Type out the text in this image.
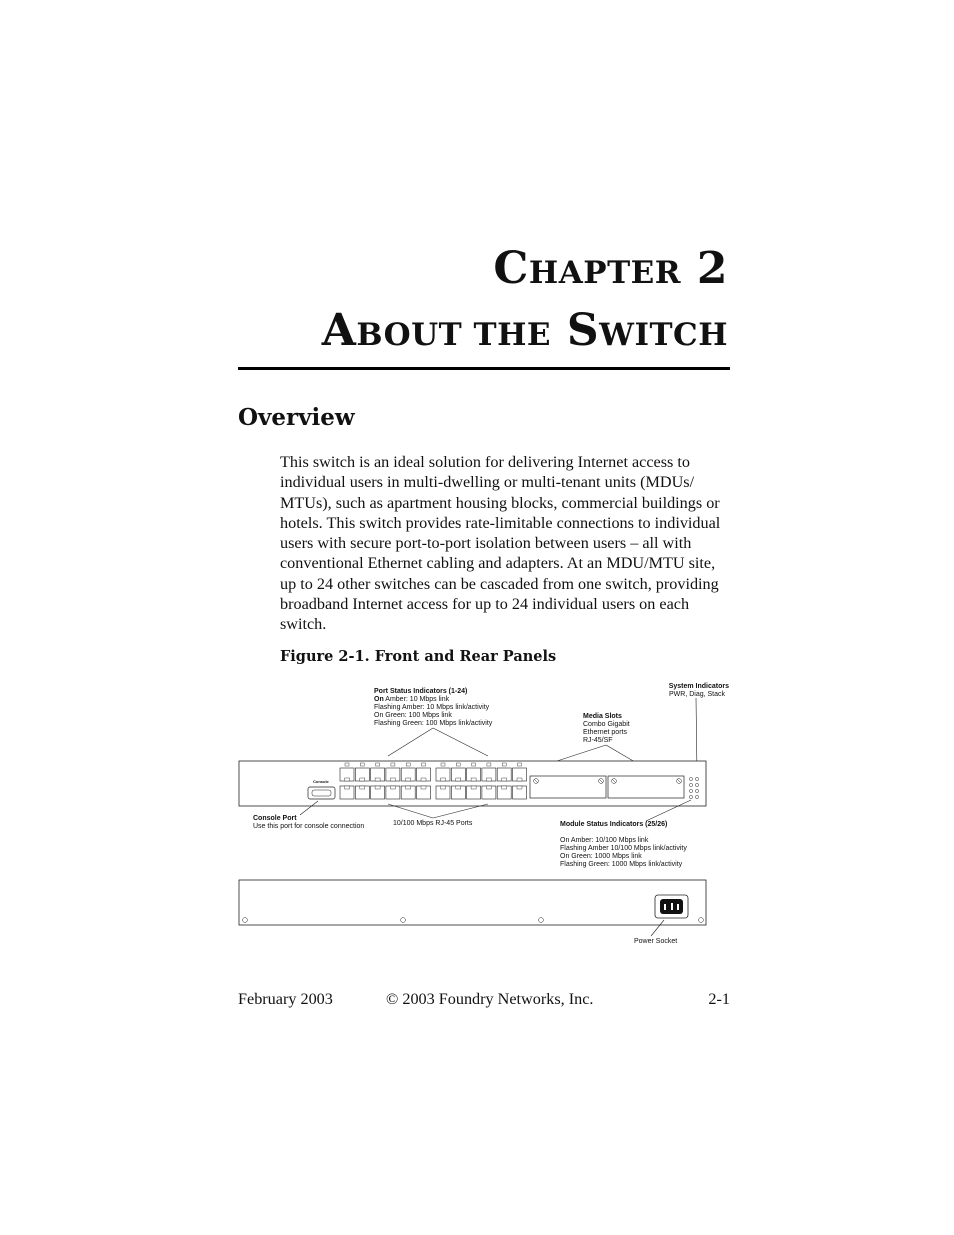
CHAPTER 2
ABOUT THE SWITCH
Overview
This switch is an ideal solution for delivering Internet access to individual users in multi-dwelling or multi-tenant units (MDUs/ MTUs), such as apartment housing blocks, commercial buildings or hotels. This switch provides rate-limitable connections to individual users with secure port-to-port isolation between users – all with conventional Ethernet cabling and adapters. At an MDU/MTU site, up to 24 other switches can be cascaded from one switch, providing broadband Internet access for up to 24 individual users on each switch.
Figure 2-1. Front and Rear Panels
Port Status Indicators (1-24)
On Amber: 10 Mbps link
Flashing Amber: 10 Mbps link/activity
On Green: 100 Mbps link
Flashing Green: 100 Mbps link/activity
System Indicators
PWR, Diag, Stack
Media Slots
Combo Gigabit
Ethernet ports
RJ-45/SF
Console
Console Port
Use this port for console connection	10/100 Mbps RJ-45 Ports	Module Status Indicators (25/26)
On Amber: 10/100 Mbps link
Flashing Amber 10/100 Mbps link/activity
On Green: 1000 Mbps link
Flashing Green: 1000 Mbps link/activity
Power Socket
February 2003	© 2003 Foundry Networks, Inc.	2-1
